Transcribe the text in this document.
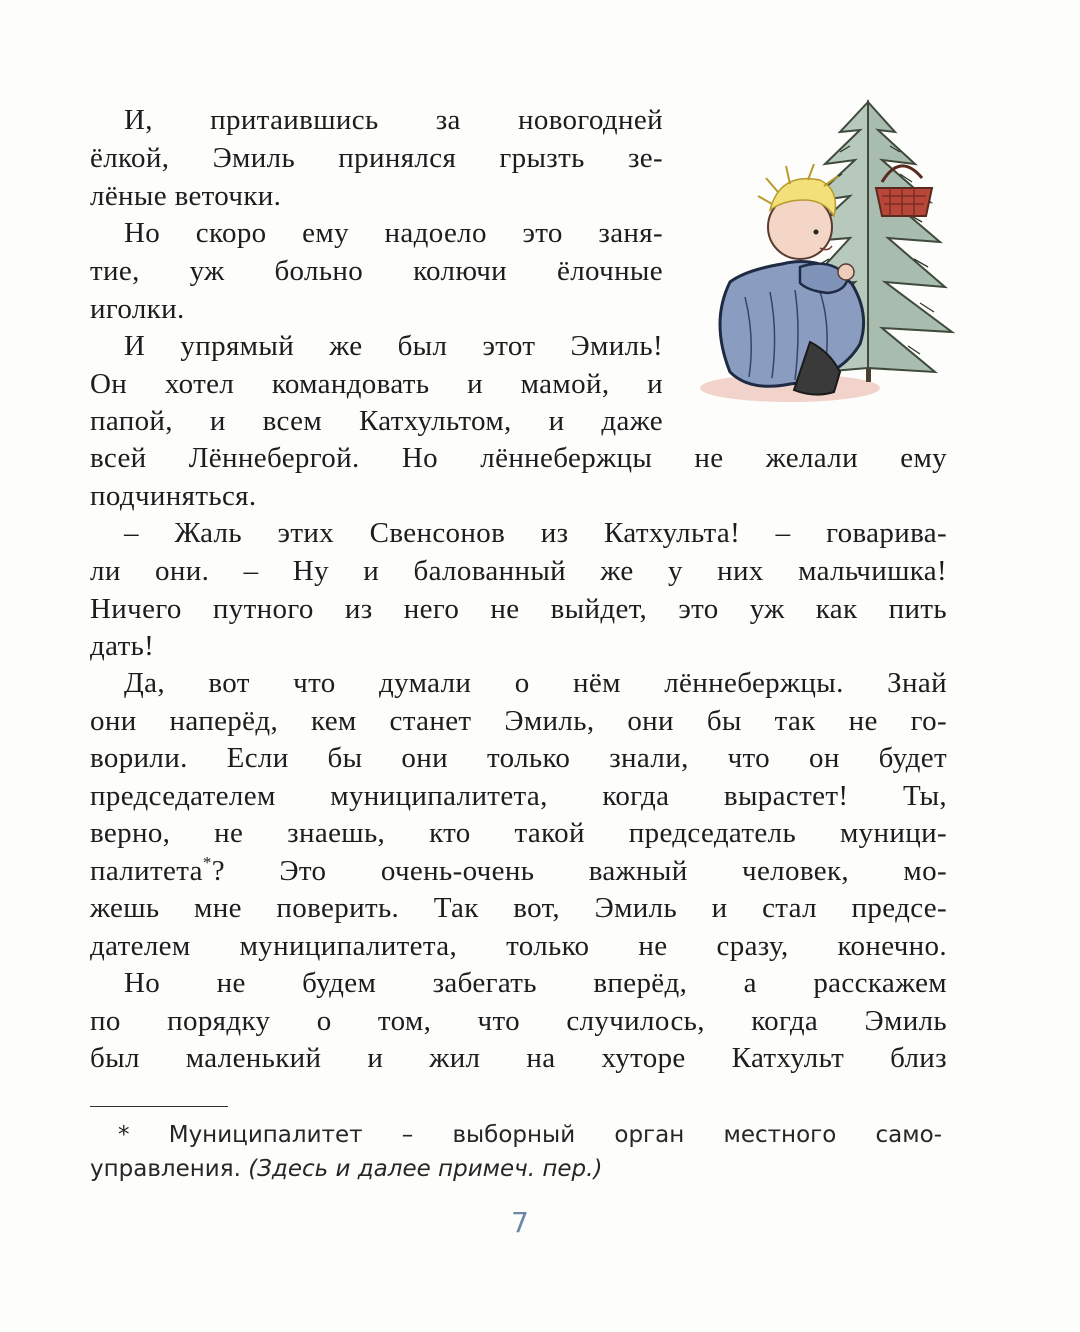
И, притаившись за новогодней
ёлкой, Эмиль принялся грызть зе-
лёные веточки.
Но скоро ему надоело это заня-
тие, уж больно колючи ёлочные
иголки.
И упрямый же был этот Эмиль!
Он хотел командовать и мамой, и
папой, и всем Катхультом, и даже
всей Лённебергой. Но лённебержцы не желали ему
подчиняться.
– Жаль этих Свенсонов из Катхульта! – говарива-
ли они. – Ну и балованный же у них мальчишка!
Ничего путного из него не выйдет, это уж как пить
дать!
Да, вот что думали о нём лённебержцы. Знай
они наперёд, кем станет Эмиль, они бы так не го-
ворили. Если бы они только знали, что он будет
председателем муниципалитета, когда вырастет! Ты,
верно, не знаешь, кто такой председатель муници-
палитета* ? Это очень-очень важный человек, мо-
жешь мне поверить. Так вот, Эмиль и стал предсе-
дателем муниципалитета, только не сразу, конечно.
Но не будем забегать вперёд, а расскажем
по порядку о том, что случилось, когда Эмиль
был маленький и жил на хуторе Катхульт близ
* Муниципалитет – выборный орган местного само-
управления. (Здесь и далее примеч. пер.)
7
